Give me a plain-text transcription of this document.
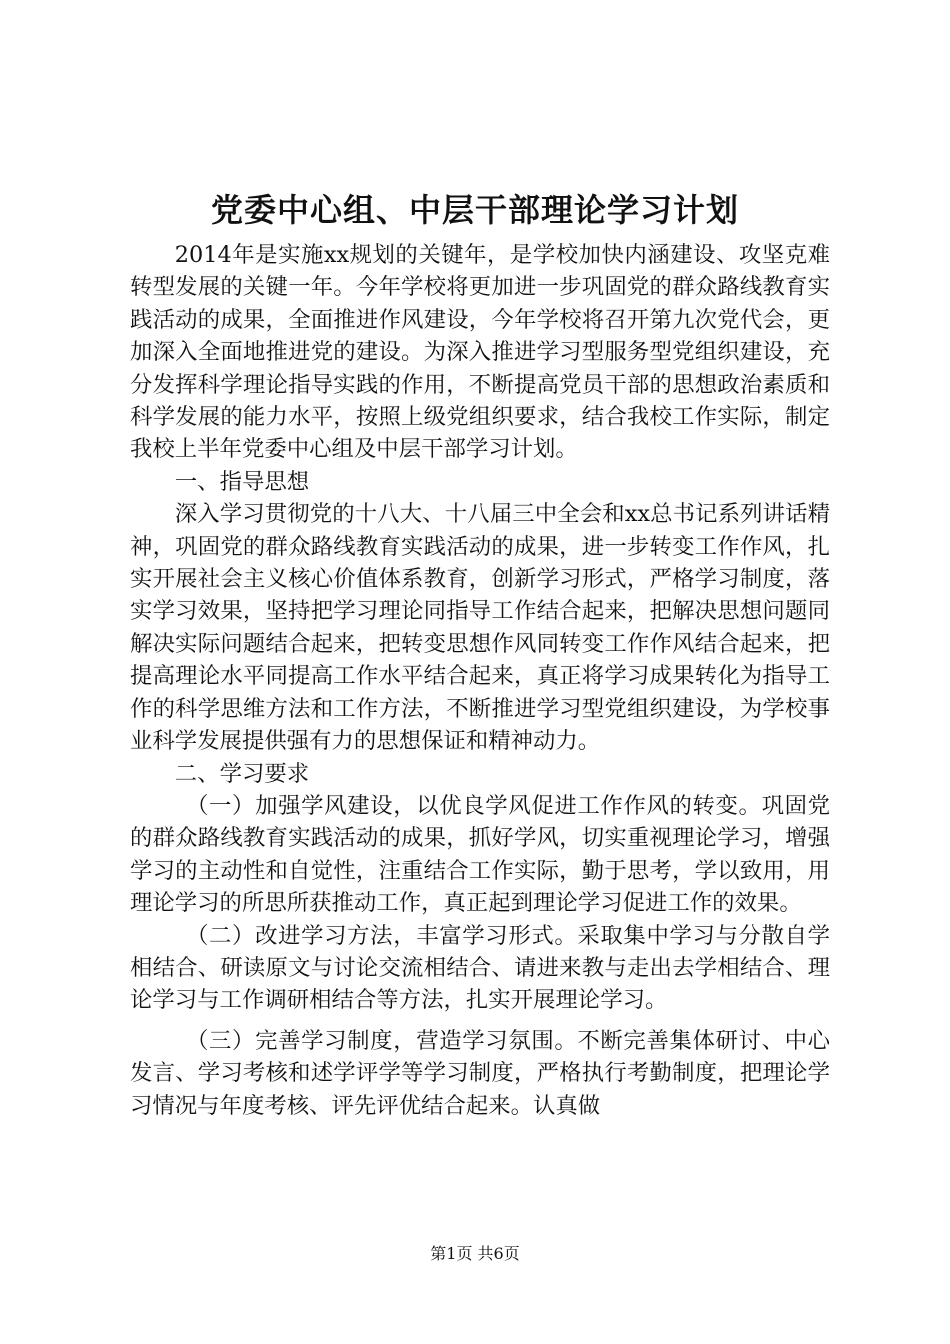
党委中心组、中层干部理论学习计划

2014年是实施xx规划的关键年，是学校加快内涵建设、攻坚克难转型发展的关键一年。今年学校将更加进一步巩固党的群众路线教育实践活动的成果，全面推进作风建设，今年学校将召开第九次党代会，更加深入全面地推进党的建设。为深入推进学习型服务型党组织建设，充分发挥科学理论指导实践的作用，不断提高党员干部的思想政治素质和科学发展的能力水平，按照上级党组织要求，结合我校工作实际，制定我校上半年党委中心组及中层干部学习计划。

一、指导思想

深入学习贯彻党的十八大、十八届三中全会和xx总书记系列讲话精神，巩固党的群众路线教育实践活动的成果，进一步转变工作作风，扎实开展社会主义核心价值体系教育，创新学习形式，严格学习制度，落实学习效果，坚持把学习理论同指导工作结合起来，把解决思想问题同解决实际问题结合起来，把转变思想作风同转变工作作风结合起来，把提高理论水平同提高工作水平结合起来，真正将学习成果转化为指导工作的科学思维方法和工作方法，不断推进学习型党组织建设，为学校事业科学发展提供强有力的思想保证和精神动力。

二、学习要求

（一）加强学风建设，以优良学风促进工作作风的转变。巩固党的群众路线教育实践活动的成果，抓好学风，切实重视理论学习，增强学习的主动性和自觉性，注重结合工作实际，勤于思考，学以致用，用理论学习的所思所获推动工作，真正起到理论学习促进工作的效果。

（二）改进学习方法，丰富学习形式。采取集中学习与分散自学相结合、研读原文与讨论交流相结合、请进来教与走出去学相结合、理论学习与工作调研相结合等方法，扎实开展理论学习。

（三）完善学习制度，营造学习氛围。不断完善集体研讨、中心发言、学习考核和述学评学等学习制度，严格执行考勤制度，把理论学习情况与年度考核、评先评优结合起来。认真做

第1页 共6页
